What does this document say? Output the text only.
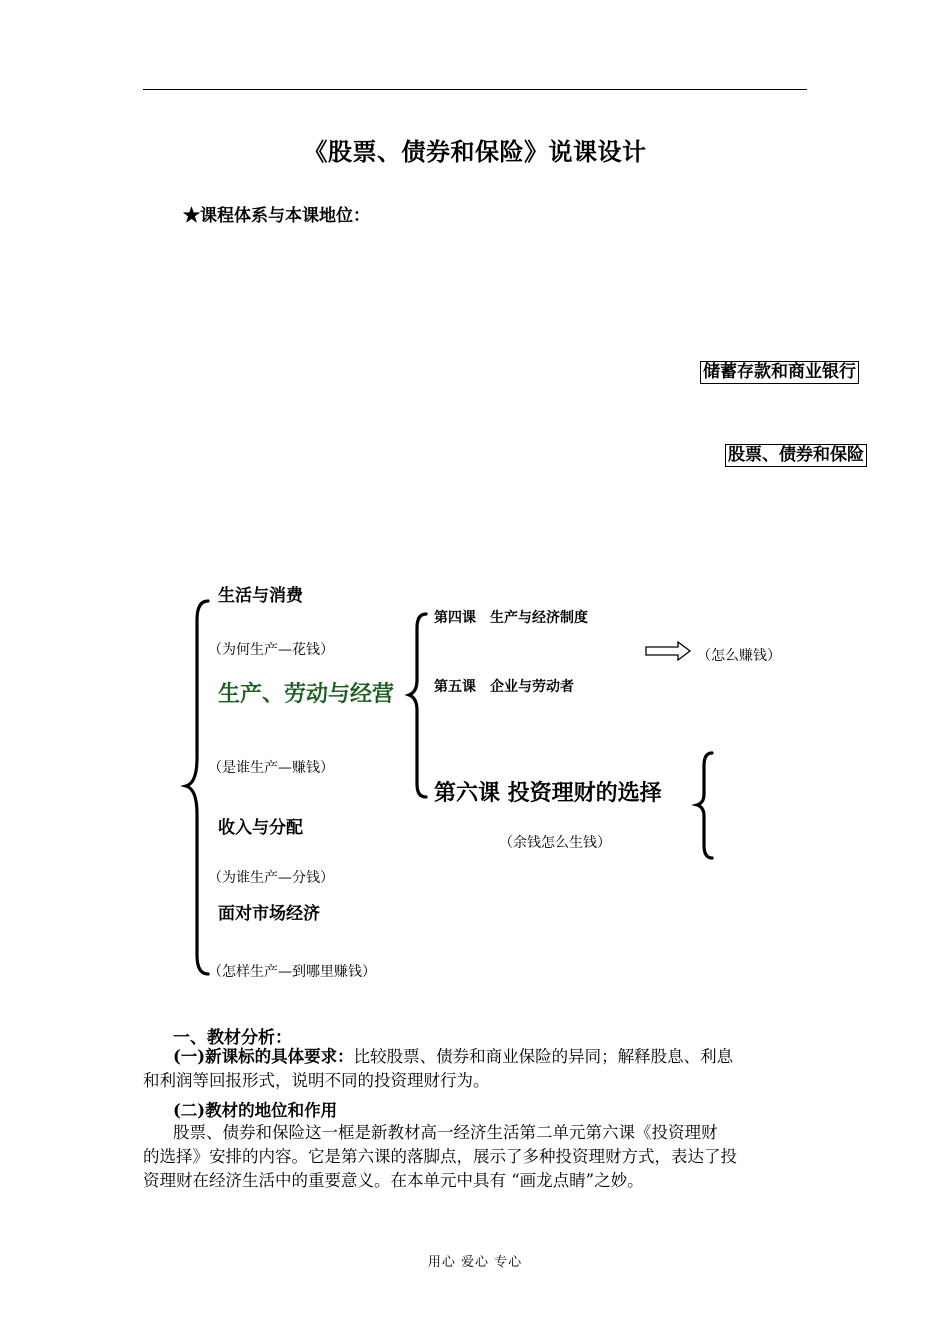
《股票、债券和保险》说课设计
★课程体系与本课地位：
储蓄存款和商业银行
股票、债券和保险
生活与消费
（为何生产—花钱）
生产、劳动与经营
（是谁生产—赚钱）
收入与分配
（为谁生产—分钱）
面对市场经济
（怎样生产—到哪里赚钱）
第四课　生产与经济制度
第五课　企业与劳动者
第六课 投资理财的选择
（余钱怎么生钱）
（怎么赚钱）
一、教材分析：
(一)新课标的具体要求：比较股票、债券和商业保险的异同；解释股息、利息
和利润等回报形式，说明不同的投资理财行为。
(二)教材的地位和作用
股票、债券和保险这一框是新教材高一经济生活第二单元第六课《投资理财
的选择》安排的内容。它是第六课的落脚点，展示了多种投资理财方式，表达了投
资理财在经济生活中的重要意义。在本单元中具有 “画龙点睛”之妙。
用心 爱心 专心
